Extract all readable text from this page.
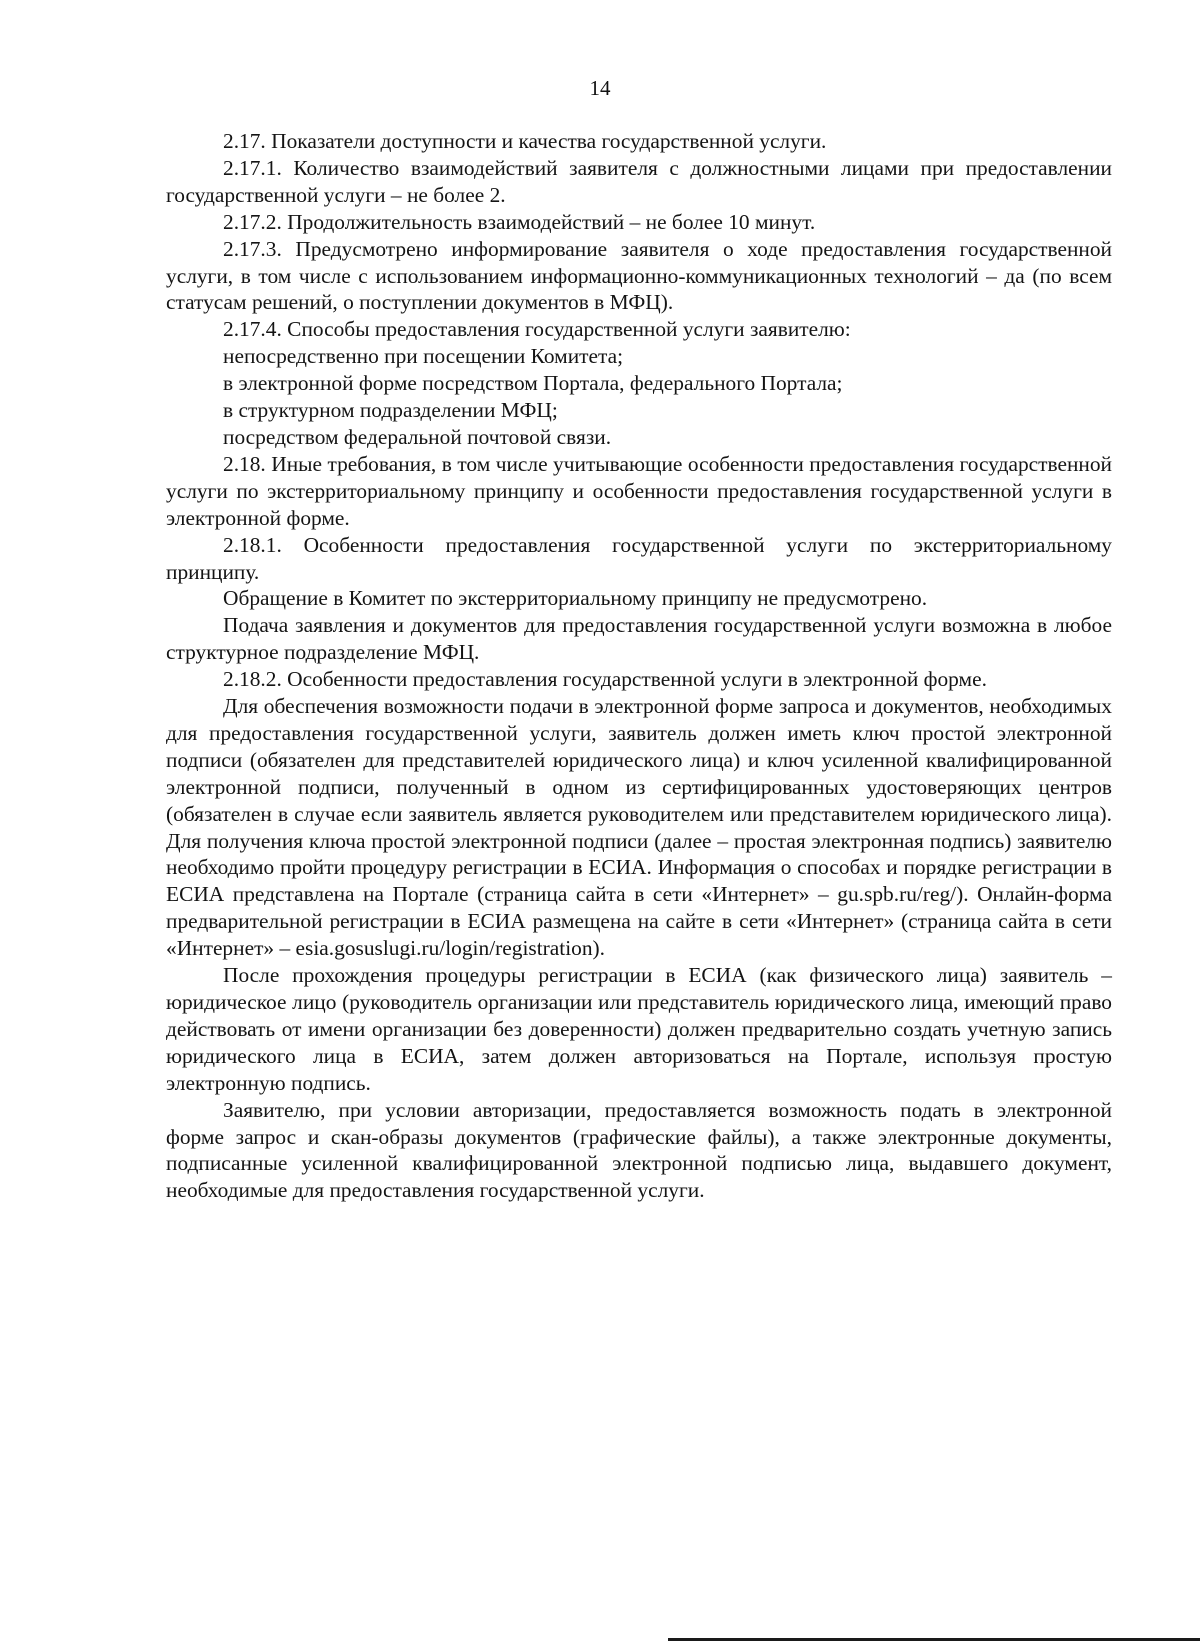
14

2.17. Показатели доступности и качества государственной услуги.

2.17.1. Количество взаимодействий заявителя с должностными лицами при предоставлении государственной услуги – не более 2.

2.17.2. Продолжительность взаимодействий – не более 10 минут.

2.17.3. Предусмотрено информирование заявителя о ходе предоставления государственной услуги, в том числе с использованием информационно-коммуникационных технологий – да (по всем статусам решений, о поступлении документов в МФЦ).

2.17.4. Способы предоставления государственной услуги заявителю:

непосредственно при посещении Комитета;

в электронной форме посредством Портала, федерального Портала;

в структурном подразделении МФЦ;

посредством федеральной почтовой связи.

2.18. Иные требования, в том числе учитывающие особенности предоставления государственной услуги по экстерриториальному принципу и особенности предоставления государственной услуги в электронной форме.

2.18.1. Особенности предоставления государственной услуги по экстерриториальному принципу.

Обращение в Комитет по экстерриториальному принципу не предусмотрено.

Подача заявления и документов для предоставления государственной услуги возможна в любое структурное подразделение МФЦ.

2.18.2. Особенности предоставления государственной услуги в электронной форме.

Для обеспечения возможности подачи в электронной форме запроса и документов, необходимых для предоставления государственной услуги, заявитель должен иметь ключ простой электронной подписи (обязателен для представителей юридического лица) и ключ усиленной квалифицированной электронной подписи, полученный в одном из сертифицированных удостоверяющих центров (обязателен в случае если заявитель является руководителем или представителем юридического лица). Для получения ключа простой электронной подписи (далее – простая электронная подпись) заявителю необходимо пройти процедуру регистрации в ЕСИА. Информация о способах и порядке регистрации в ЕСИА представлена на Портале (страница сайта в сети «Интернет» – gu.spb.ru/reg/). Онлайн-форма предварительной регистрации в ЕСИА размещена на сайте в сети «Интернет» (страница сайта в сети «Интернет» – esia.gosuslugi.ru/login/registration).

После прохождения процедуры регистрации в ЕСИА (как физического лица) заявитель – юридическое лицо (руководитель организации или представитель юридического лица, имеющий право действовать от имени организации без доверенности) должен предварительно создать учетную запись юридического лица в ЕСИА, затем должен авторизоваться на Портале, используя простую электронную подпись.

Заявителю, при условии авторизации, предоставляется возможность подать в электронной форме запрос и скан-образы документов (графические файлы), а также электронные документы, подписанные усиленной квалифицированной электронной подписью лица, выдавшего документ, необходимые для предоставления государственной услуги.
